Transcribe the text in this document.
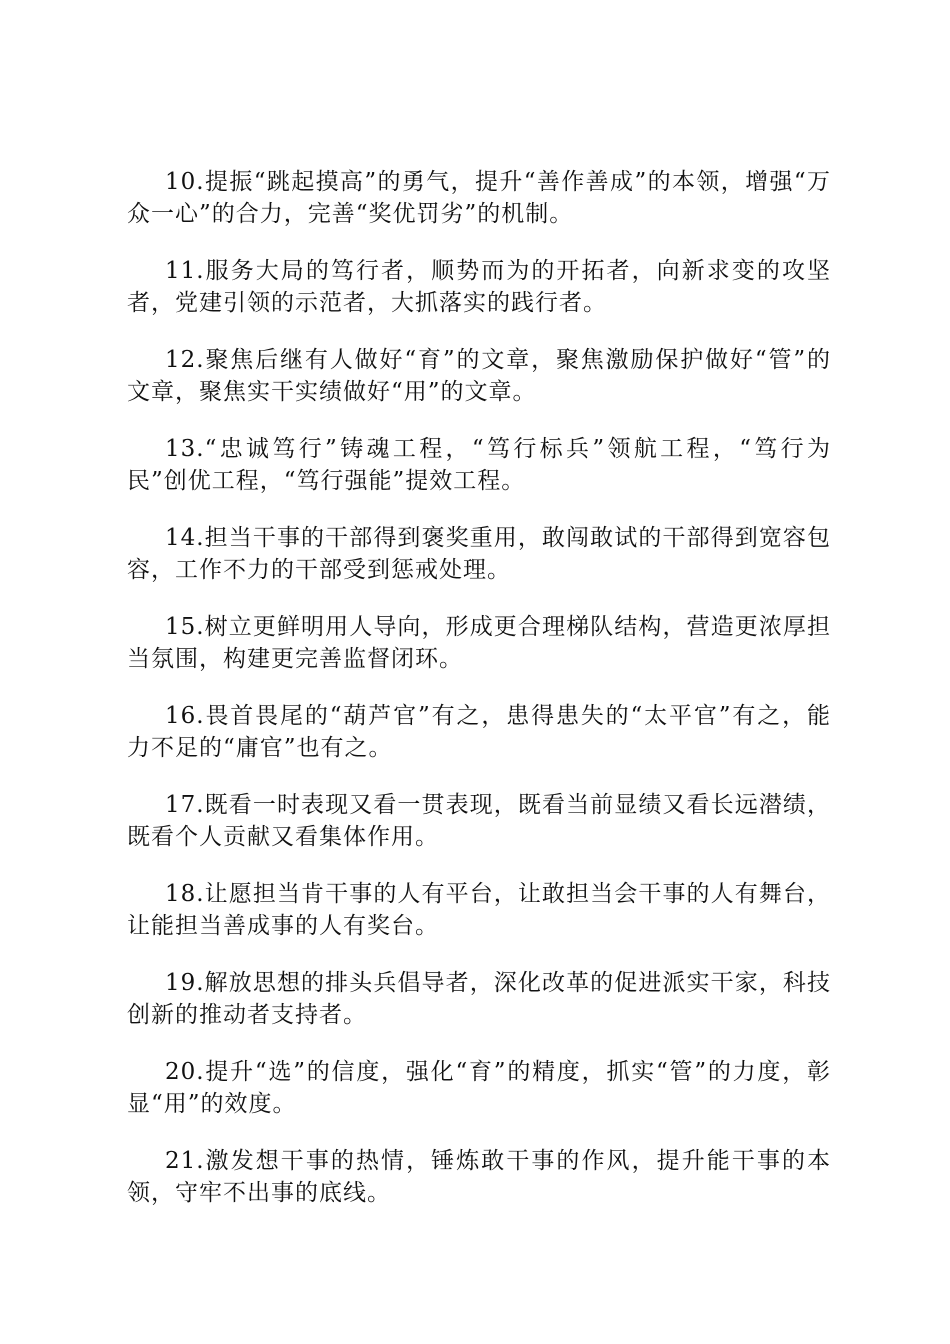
10.提振“跳起摸高”的勇气，提升“善作善成”的本领，增强“万众一心”的合力，完善“奖优罚劣”的机制。

11.服务大局的笃行者，顺势而为的开拓者，向新求变的攻坚者，党建引领的示范者，大抓落实的践行者。

12.聚焦后继有人做好“育”的文章，聚焦激励保护做好“管”的文章，聚焦实干实绩做好“用”的文章。

13.“忠诚笃行”铸魂工程，“笃行标兵”领航工程，“笃行为民”创优工程，“笃行强能”提效工程。

14.担当干事的干部得到褒奖重用，敢闯敢试的干部得到宽容包容，工作不力的干部受到惩戒处理。

15.树立更鲜明用人导向，形成更合理梯队结构，营造更浓厚担当氛围，构建更完善监督闭环。

16.畏首畏尾的“葫芦官”有之，患得患失的“太平官”有之，能力不足的“庸官”也有之。

17.既看一时表现又看一贯表现，既看当前显绩又看长远潜绩，既看个人贡献又看集体作用。

18.让愿担当肯干事的人有平台，让敢担当会干事的人有舞台，让能担当善成事的人有奖台。

19.解放思想的排头兵倡导者，深化改革的促进派实干家，科技创新的推动者支持者。

20.提升“选”的信度，强化“育”的精度，抓实“管”的力度，彰显“用”的效度。

21.激发想干事的热情，锤炼敢干事的作风，提升能干事的本领，守牢不出事的底线。
